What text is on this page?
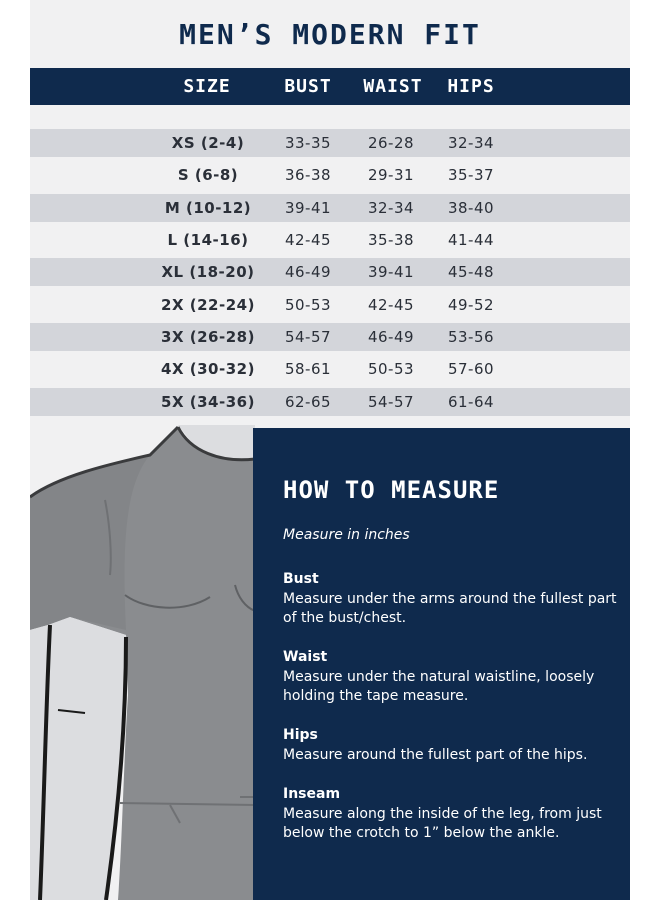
MEN’S MODERN FIT
SIZE	BUST WAIST HIPS
XS (2-4)	33-35 26-28 32-34
S (6-8)	36-38 29-31 35-37
M (10-12) 39-41 32-34 38-40
L (14-16) 42-45 35-38 41-44
XL (18-20) 46-49 39-41 45-48
2X (22-24) 50-53 42-45 49-52
3X (26-28) 54-57 46-49 53-56
4X (30-32) 58-61 50-53 57-60
5X (34-36) 62-65 54-57 61-64
HOW TO MEASURE
Measure in inches
Bust
Measure under the arms around the fullest part of the bust/chest.
Waist
Measure under the natural waistline, loosely holding the tape measure.
Hips
Measure around the fullest part of the hips.
Inseam
Measure along the inside of the leg, from just below the crotch to 1” below the ankle.
